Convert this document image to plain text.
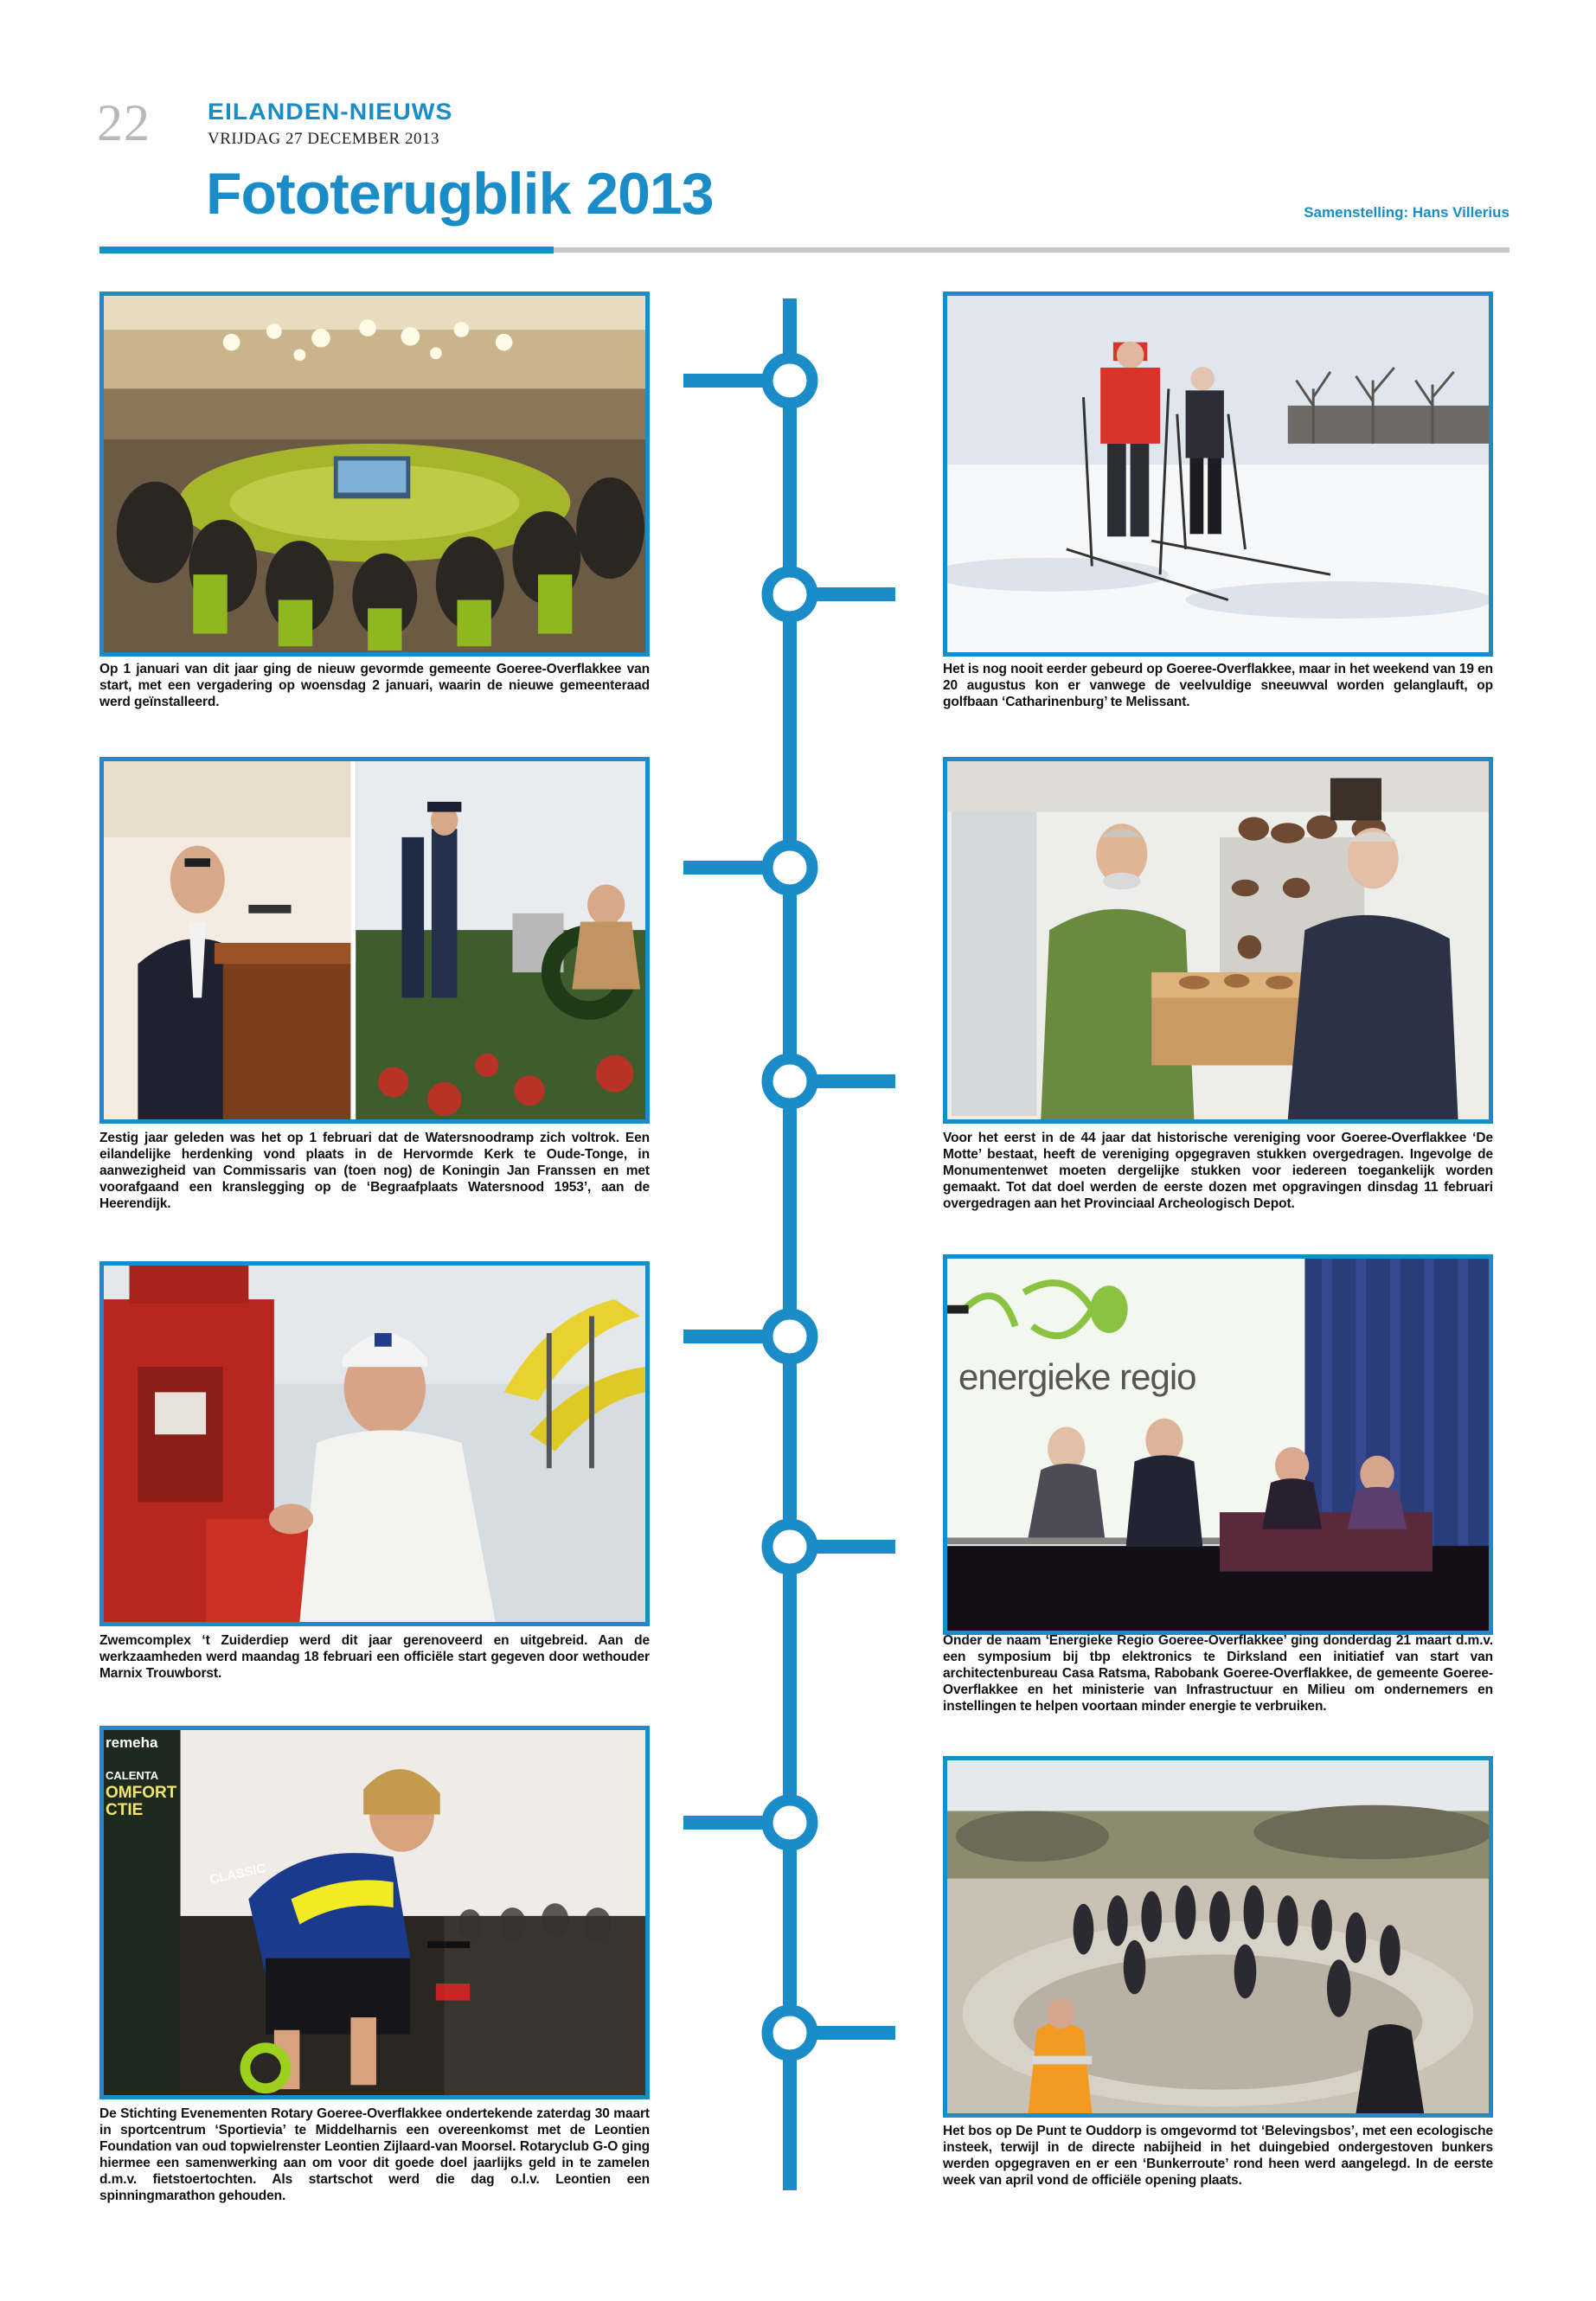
22 EILANDEN-NIEUWS
VRIJDAG 27 DECEMBER 2013
Fototerugblik 2013	Samenstelling: Hans Villerius
Op 1 januari van dit jaar ging de nieuw gevormde gemeente Goeree-Overflakkee van start, met een vergadering op woensdag 2 januari, waarin de nieuwe gemeenteraad werd geïnstalleerd.
Het is nog nooit eerder gebeurd op Goeree-Overflakkee, maar in het weekend van 19 en 20 augustus kon er vanwege de veelvuldige sneeuwval worden gelanglauft, op golfbaan ‘Catharinenburg’ te Melissant.
Zestig jaar geleden was het op 1 februari dat de Watersnoodramp zich voltrok. Een eilandelijke herdenking vond plaats in de Hervormde Kerk te Oude-Tonge, in aanwezigheid van Commissaris van (toen nog) de Koningin Jan Franssen en met voorafgaand een kranslegging op de ‘Begraafplaats Watersnood 1953’, aan de Heerendijk.
Voor het eerst in de 44 jaar dat historische vereniging voor Goeree-Overflakkee ‘De Motte’ bestaat, heeft de vereniging opgegraven stukken overgedragen. Ingevolge de Monumentenwet moeten dergelijke stukken voor iedereen toegankelijk worden gemaakt. Tot dat doel werden de eerste dozen met opgravingen dinsdag 11 februari overgedragen aan het Provinciaal Archeologisch Depot.
Zwemcomplex ‘t Zuiderdiep werd dit jaar gerenoveerd en uitgebreid. Aan de werkzaamheden werd maandag 18 februari een officiële start gegeven door wethouder Marnix Trouwborst.
energieke regio
Onder de naam ‘Energieke Regio Goeree-Overflakkee’ ging donderdag 21 maart d.m.v. een symposium bij tbp elektronics te Dirksland een initiatief van start van architectenbureau Casa Ratsma, Rabobank Goeree-Overflakkee, de gemeente Goeree-Overflakkee en het ministerie van Infrastructuur en Milieu om ondernemers en instellingen te helpen voortaan minder energie te verbruiken.
remeha
CALENTA
OMFORT
CTIE
CLASSIC
De Stichting Evenementen Rotary Goeree-Overflakkee ondertekende zaterdag 30 maart in sportcentrum ‘Sportievia’ te Middelharnis een overeenkomst met de Leontien Foundation van oud topwielrenster Leontien Zijlaard-van Moorsel. Rotaryclub G-O ging hiermee een samenwerking aan om voor dit goede doel jaarlijks geld in te zamelen d.m.v. fietstoertochten. Als startschot werd die dag o.l.v. Leontien een spinningmarathon gehouden.
Het bos op De Punt te Ouddorp is omgevormd tot ‘Belevingsbos’, met een ecologische insteek, terwijl in de directe nabijheid in het duingebied ondergestoven bunkers werden opgegraven en er een ‘Bunkerroute’ rond heen werd aangelegd. In de eerste week van april vond de officiële opening plaats.
